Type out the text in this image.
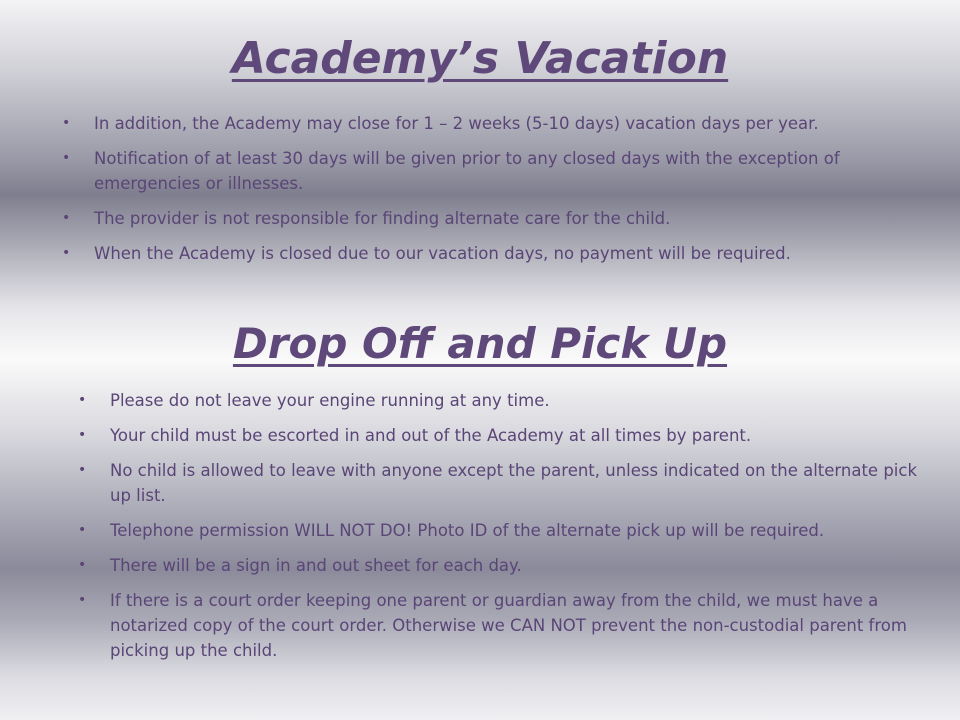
Academy’s Vacation
• In addition, the Academy may close for 1 – 2 weeks (5-10 days) vacation days per year.
• Notification of at least 30 days will be given prior to any closed days with the exception of emergencies or illnesses.
• The provider is not responsible for finding alternate care for the child.
• When the Academy is closed due to our vacation days, no payment will be required.
Drop Off and Pick Up
• Please do not leave your engine running at any time.
• Your child must be escorted in and out of the Academy at all times by parent.
• No child is allowed to leave with anyone except the parent, unless indicated on the alternate pick up list.
• Telephone permission WILL NOT DO! Photo ID of the alternate pick up will be required.
• There will be a sign in and out sheet for each day.
• If there is a court order keeping one parent or guardian away from the child, we must have a notarized copy of the court order. Otherwise we CAN NOT prevent the non-custodial parent from picking up the child.
